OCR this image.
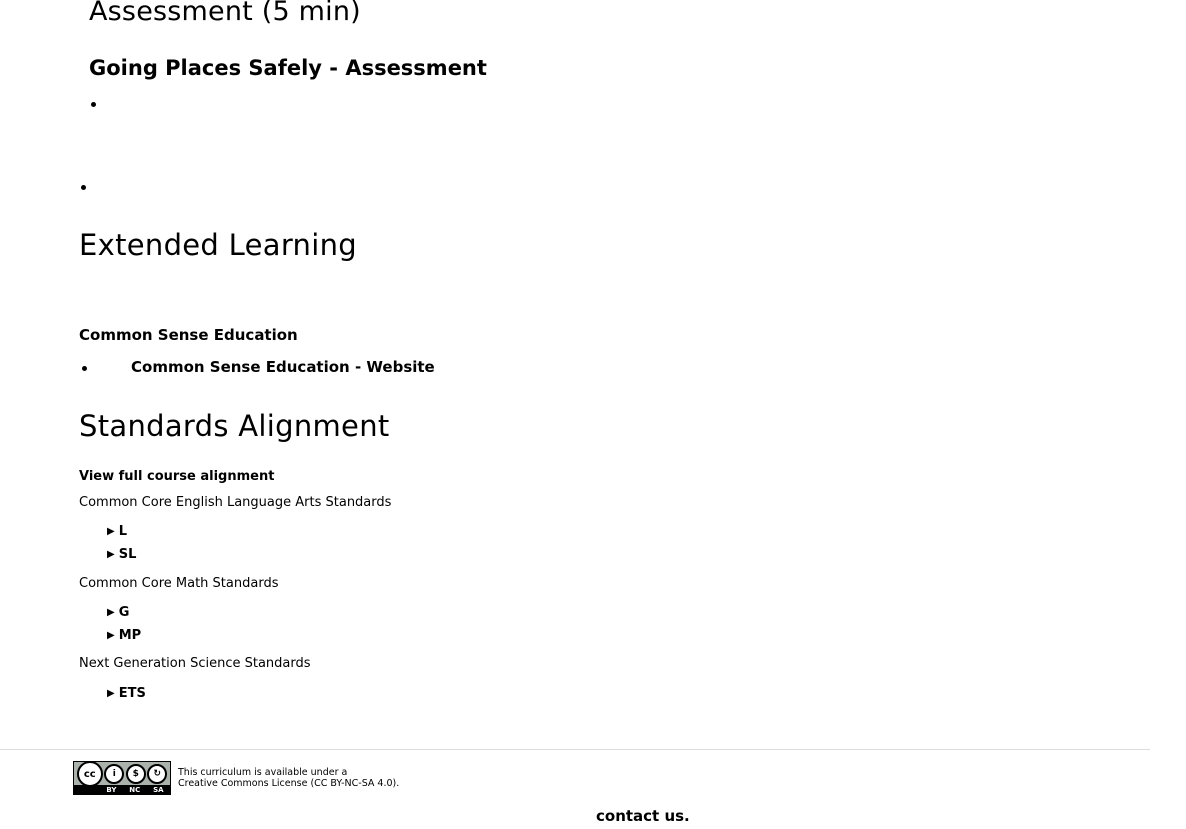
Assessment (5 min)
Going Places Safely - Assessment
Extended Learning
Common Sense Education
Common Sense Education - Website
Standards Alignment
View full course alignment
Common Core English Language Arts Standards
▶ L
▶ SL
Common Core Math Standards
▶ G
▶ MP
Next Generation Science Standards
▶ ETS
cc	i	$	↻
BY NC SA
This curriculum is available under a
Creative Commons License (CC BY-NC-SA 4.0).
contact us.
